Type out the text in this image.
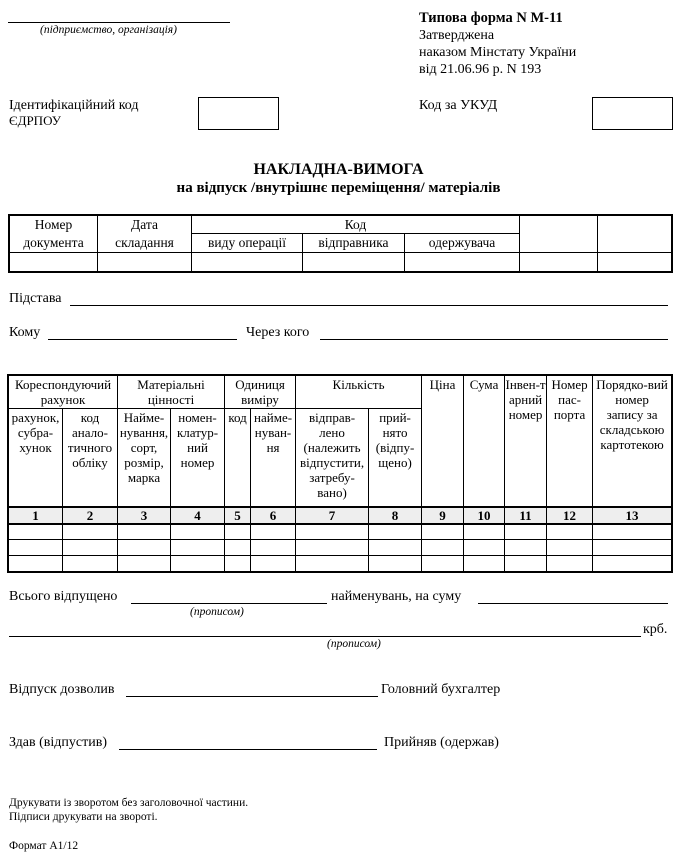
(підприємство, організація)
Типова форма N М-11
Затверджена
наказом Мінстату України
від 21.06.96 р. N 193
Ідентифікаційний код
ЄДРПОУ
Код за УКУД
НАКЛАДНА-ВИМОГА
на відпуск /внутрішнє переміщення/ матеріалів
Номер	Дата	Код				
документа	складання	виду операції	відправника	одержувача		

Підстава
Кому	Через кого
Кореспондуючий рахунок		Матеріальні цінності		Одиниця виміру		Кількість		Ціна	Сума	Інвен-тарний номер	Номер пас-порта	Порядко-вий номер запису за складською картотекою
рахунок, субра-хунок	код анало-тичного обліку	Найме-нування, сорт, розмір, марка	номен-клатур-ний номер	код	найме-нуван-ня	відправ-лено (належить відпустити, затребу-вано)	прий-нято (відпу-щено)					
1	2	3	4	5	6	7	8	9	10	11	12	13

Всього відпущено
(прописом)
найменувань, на суму
крб.
(прописом)
Відпуск дозволив	Головний бухгалтер
Здав (відпустив)	Прийняв (одержав)
Друкувати із зворотом без заголовочної частини.
Підписи друкувати на звороті.
Формат А1/12
